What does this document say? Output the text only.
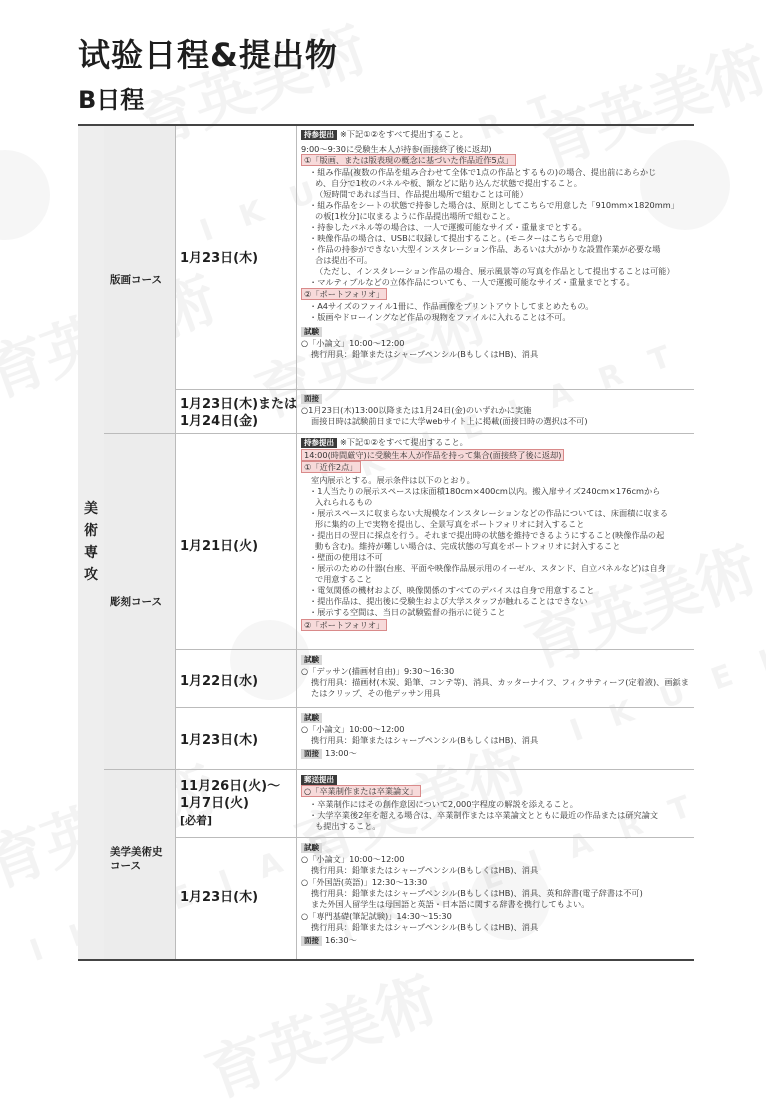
试验日程&提出物
B日程
美
術
専
攻
版画コース
彫刻コース
美学美術史
コース
1月23日(木)
1月23日(木)または
1月24日(金)
1月21日(火)
1月22日(水)
1月23日(木)
11月26日(火)～
1月7日(火)
[必着]
1月23日(木)
持参提出 ※下記①②をすべて提出すること。
9:00～9:30に受験生本人が持参(面接終了後に返却)
①「版画、または版表現の概念に基づいた作品近作5点」
・組み作品(複数の作品を組み合わせて全体で1点の作品とするもの)の場合、提出前にあらかじ
め、自分で1枚のパネルや板、額などに貼り込んだ状態で提出すること。
（短時間であれば当日、作品提出場所で組むことは可能）
・組み作品をシートの状態で持参した場合は、原則としてこちらで用意した「910mm×1820mm」
の板[1枚分]に収まるように作品提出場所で組むこと。
・持参したパネル等の場合は、一人で運搬可能なサイズ・重量までとする。
・映像作品の場合は、USBに収録して提出すること。(モニターはこちらで用意)
・作品の持参ができない大型インスタレーション作品、あるいは大がかりな設置作業が必要な場
合は提出不可。
（ただし、インスタレーション作品の場合、展示風景等の写真を作品として提出することは可能）
・マルティプルなどの立体作品についても、一人で運搬可能なサイズ・重量までとする。
②「ポートフォリオ」
・A4サイズのファイル1冊に、作品画像をプリントアウトしてまとめたもの。
・版画やドローイングなど作品の現物をファイルに入れることは不可。
試験
○「小論文」10:00～12:00
携行用具：鉛筆またはシャープペンシル(BもしくはHB)、消具
面接
○1月23日(木)13:00以降または1月24日(金)のいずれかに実施
面接日時は試験前日までに大学webサイト上に掲載(面接日時の選択は不可)
持参提出 ※下記①②をすべて提出すること。
14:00(時間厳守)に受験生本人が作品を持って集合(面接終了後に返却)
①「近作2点」
室内展示とする。展示条件は以下のとおり。
・1人当たりの展示スペースは床面積180cm×400cm以内。搬入扉サイズ240cm×176cmから
入れられるもの
・展示スペースに収まらない大規模なインスタレーションなどの作品については、床面積に収まる
形に集約の上で実物を提出し、全景写真をポートフォリオに封入すること
・提出日の翌日に採点を行う。それまで提出時の状態を維持できるようにすること(映像作品の起
動も含む)。維持が難しい場合は、完成状態の写真をポートフォリオに封入すること
・壁面の使用は不可
・展示のための什器(台座、平面や映像作品展示用のイーゼル、スタンド、自立パネルなど)は自身
で用意すること
・電気関係の機材および、映像関係のすべてのデバイスは自身で用意すること
・提出作品は、提出後に受験生および大学スタッフが触れることはできない
・展示する空間は、当日の試験監督の指示に従うこと
②「ポートフォリオ」
試験
○「デッサン(描画材自由)」9:30～16:30
携行用具：描画材(木炭、鉛筆、コンテ等)、消具、カッターナイフ、フィクサティーフ(定着液)、画鋲ま
たはクリップ、その他デッサン用具
試験
○「小論文」10:00～12:00
携行用具：鉛筆またはシャープペンシル(BもしくはHB)、消具
面接 13:00～
郵送提出
○「卒業制作または卒業論文」
・卒業制作にはその創作意図について2,000字程度の解説を添えること。
・大学卒業後2年を超える場合は、卒業制作または卒業論文とともに最近の作品または研究論文
も提出すること。
試験
○「小論文」10:00～12:00
携行用具：鉛筆またはシャープペンシル(BもしくはHB)、消具
○「外国語(英語)」12:30～13:30
携行用具：鉛筆またはシャープペンシル(BもしくはHB)、消具、英和辞書(電子辞書は不可)
また外国人留学生は母国語と英語・日本語に関する辞書を携行してもよい。
○「専門基礎(筆記試験)」14:30～15:30
携行用具：鉛筆またはシャープペンシル(BもしくはHB)、消具
面接 16:30～
